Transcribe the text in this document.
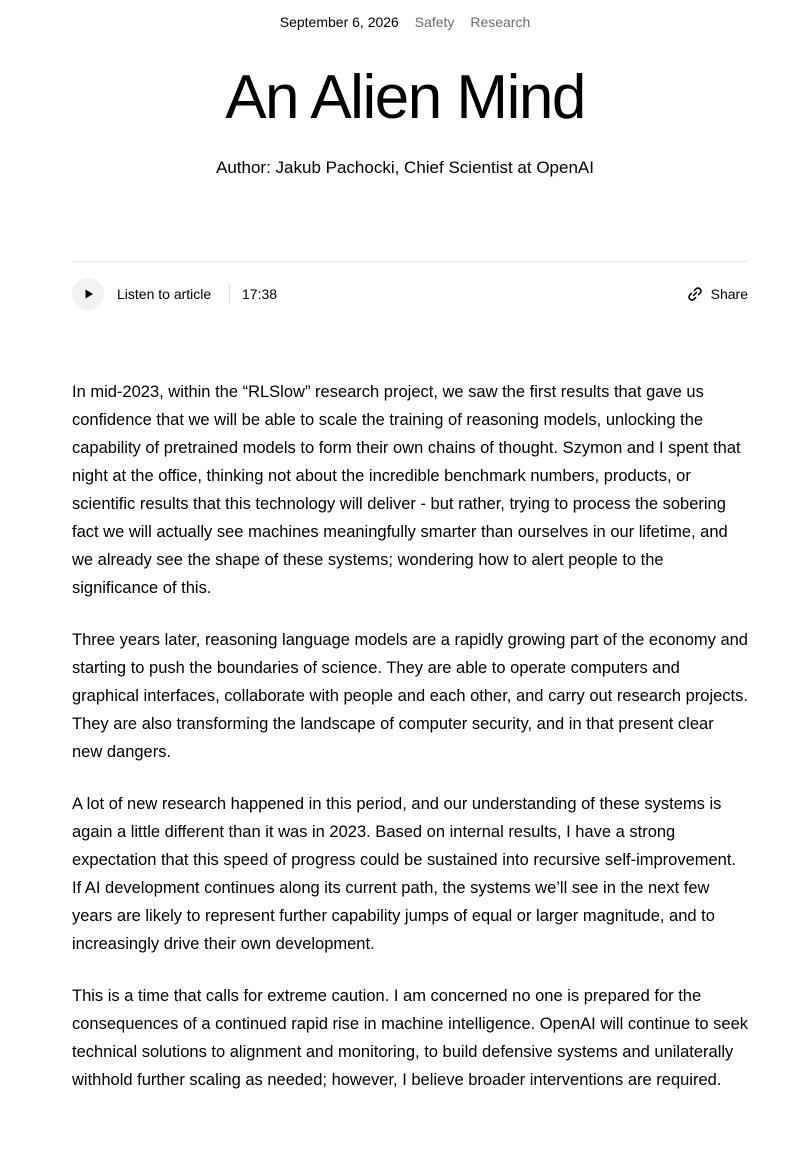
September 6, 2026 Safety Research
An Alien Mind
Author: Jakub Pachocki, Chief Scientist at OpenAI
Listen to article 17:38	Share

In mid-2023, within the “RLSlow” research project, we saw the first results that gave us confidence that we will be able to scale the training of reasoning models, unlocking the capability of pretrained models to form their own chains of thought. Szymon and I spent that night at the office, thinking not about the incredible benchmark numbers, products, or scientific results that this technology will deliver - but rather, trying to process the sobering fact we will actually see machines meaningfully smarter than ourselves in our lifetime, and we already see the shape of these systems; wondering how to alert people to the significance of this.

Three years later, reasoning language models are a rapidly growing part of the economy and starting to push the boundaries of science. They are able to operate computers and graphical interfaces, collaborate with people and each other, and carry out research projects. They are also transforming the landscape of computer security, and in that present clear new dangers.

A lot of new research happened in this period, and our understanding of these systems is again a little different than it was in 2023. Based on internal results, I have a strong expectation that this speed of progress could be sustained into recursive self-improvement. If AI development continues along its current path, the systems we’ll see in the next few years are likely to represent further capability jumps of equal or larger magnitude, and to increasingly drive their own development.

This is a time that calls for extreme caution. I am concerned no one is prepared for the consequences of a continued rapid rise in machine intelligence. OpenAI will continue to seek technical solutions to alignment and monitoring, to build defensive systems and unilaterally withhold further scaling as needed; however, I believe broader interventions are required.
